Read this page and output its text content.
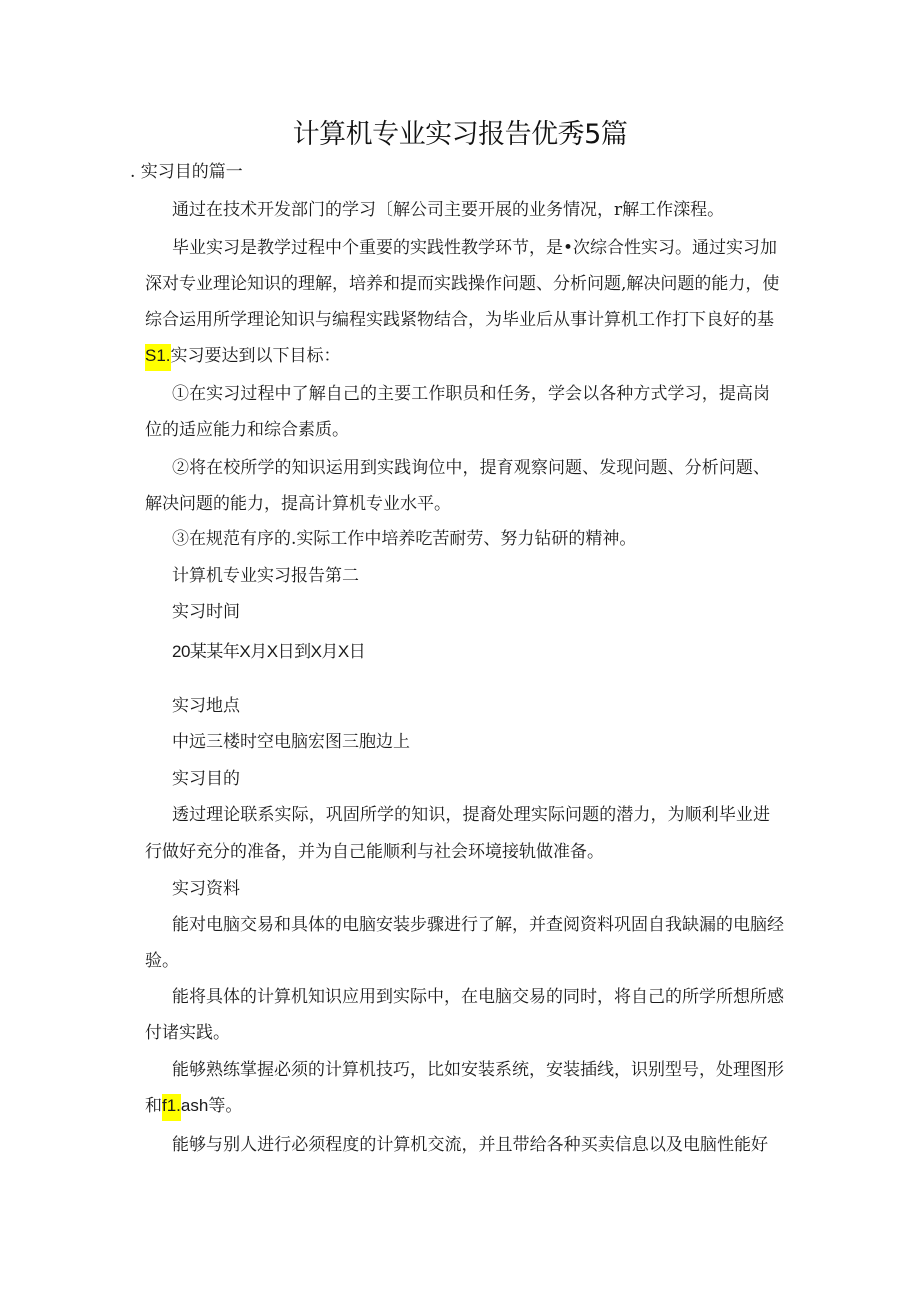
计算机专业实习报告优秀5篇
. 实习目的篇一
通过在技术开发部门的学习〔解公司主要开展的业务情况，r解工作滦程。
毕业实习是教学过程中个重要的实践性教学环节，是•次综合性实习。通过实习加
深对专业理论知识的理解，培养和提而实践操作问题、分析问题,解决问题的能力，使
综合运用所学理论知识与编程实践紧物结合，为毕业后从事计算机工作打下良好的基
S1.实习要达到以下目标：
①在实习过程中了解自己的主要工作职员和任务，学会以各种方式学习，提高岗
位的适应能力和综合素质。
②将在校所学的知识运用到实践询位中，提育观察问题、发现问题、分析问题、
解决问题的能力，提高计算机专业水平。
③在规范有序的.实际工作中培养吃苦耐劳、努力钻研的精神。
计算机专业实习报告第二
实习时间
20某某年X月X日到X月X日
实习地点
中远三楼时空电脑宏图三胞边上
实习目的
透过理论联系实际，巩固所学的知识，提裔处理实际问题的潜力，为顺利毕业进
行做好充分的准备，并为自己能顺利与社会环境接轨做准备。
实习资料
能对电脑交易和具体的电脑安装步骤进行了解，并查阅资料巩固自我缺漏的电脑经
验。
能将具体的计算机知识应用到实际中，在电脑交易的同时，将自己的所学所想所感
付诸实践。
能够熟练掌握必须的计算机技巧，比如安装系统，安装插线，识别型号，处理图形
和f1.ash等。
能够与别人进行必须程度的计算机交流，并且带给各种买卖信息以及电脑性能好
